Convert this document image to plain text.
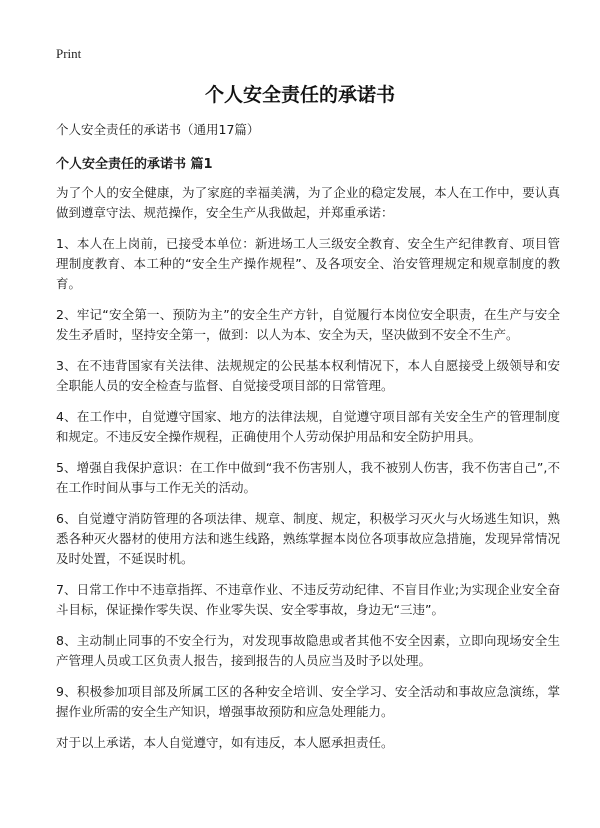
Print
个人安全责任的承诺书
个人安全责任的承诺书（通用17篇）
个人安全责任的承诺书 篇1

为了个人的安全健康，为了家庭的幸福美满，为了企业的稳定发展，本人在工作中，要认真做到遵章守法、规范操作，安全生产从我做起，并郑重承诺：

1、本人在上岗前，已接受本单位：新进场工人三级安全教育、安全生产纪律教育、项目管理制度教育、本工种的“安全生产操作规程”、及各项安全、治安管理规定和规章制度的教育。

2、牢记“安全第一、预防为主”的安全生产方针，自觉履行本岗位安全职责，在生产与安全发生矛盾时，坚持安全第一，做到：以人为本、安全为天，坚决做到不安全不生产。

3、在不违背国家有关法律、法规规定的公民基本权利情况下，本人自愿接受上级领导和安全职能人员的安全检查与监督、自觉接受项目部的日常管理。

4、在工作中，自觉遵守国家、地方的法律法规，自觉遵守项目部有关安全生产的管理制度和规定。不违反安全操作规程，正确使用个人劳动保护用品和安全防护用具。

5、增强自我保护意识：在工作中做到“我不伤害别人，我不被别人伤害，我不伤害自己”,不在工作时间从事与工作无关的活动。

6、自觉遵守消防管理的各项法律、规章、制度、规定，积极学习灭火与火场逃生知识，熟悉各种灭火器材的使用方法和逃生线路，熟练掌握本岗位各项事故应急措施，发现异常情况及时处置，不延误时机。

7、日常工作中不违章指挥、不违章作业、不违反劳动纪律、不盲目作业;为实现企业安全奋斗目标，保证操作零失误、作业零失误、安全零事故，身边无“三违”。

8、主动制止同事的不安全行为，对发现事故隐患或者其他不安全因素，立即向现场安全生产管理人员或工区负责人报告，接到报告的人员应当及时予以处理。

9、积极参加项目部及所属工区的各种安全培训、安全学习、安全活动和事故应急演练，掌握作业所需的安全生产知识，增强事故预防和应急处理能力。

对于以上承诺，本人自觉遵守，如有违反，本人愿承担责任。
